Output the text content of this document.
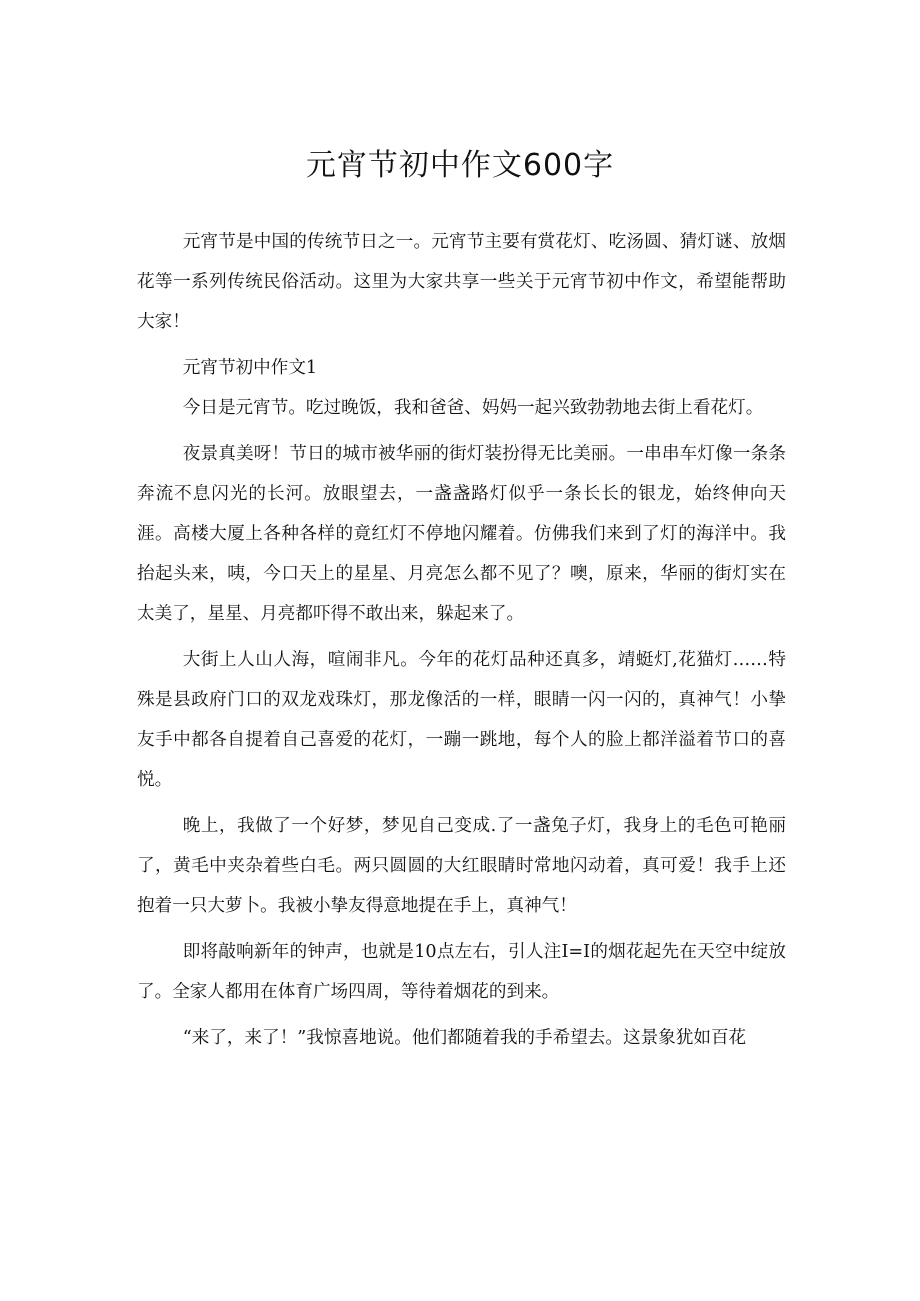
元宵节初中作文600字

元宵节是中国的传统节日之一。元宵节主要有赏花灯、吃汤圆、猜灯谜、放烟花等一系列传统民俗活动。这里为大家共享一些关于元宵节初中作文，希望能帮助大家！

元宵节初中作文1

今日是元宵节。吃过晚饭，我和爸爸、妈妈一起兴致勃勃地去街上看花灯。

夜景真美呀！节日的城市被华丽的街灯装扮得无比美丽。一串串车灯像一条条奔流不息闪光的长河。放眼望去，一盏盏路灯似乎一条长长的银龙，始终伸向天涯。高楼大厦上各种各样的竟红灯不停地闪耀着。仿佛我们来到了灯的海洋中。我抬起头来，咦，今口天上的星星、月亮怎么都不见了？噢，原来，华丽的街灯实在太美了，星星、月亮都吓得不敢出来，躲起来了。

大街上人山人海，喧闹非凡。今年的花灯品种还真多，靖蜓灯,花猫灯……特殊是县政府门口的双龙戏珠灯，那龙像活的一样，眼睛一闪一闪的，真神气！小挚友手中都各自提着自己喜爱的花灯，一蹦一跳地，每个人的脸上都洋溢着节口的喜悦。

晚上，我做了一个好梦，梦见自己变成.了一盏兔子灯，我身上的毛色可艳丽了，黄毛中夹杂着些白毛。两只圆圆的大红眼睛时常地闪动着，真可爱！我手上还抱着一只大萝卜。我被小挚友得意地提在手上，真神气！

即将敲响新年的钟声，也就是10点左右，引人注I=I的烟花起先在天空中绽放了。全家人都用在体育广场四周，等待着烟花的到来。

“来了，来了！”我惊喜地说。他们都随着我的手希望去。这景象犹如百花
